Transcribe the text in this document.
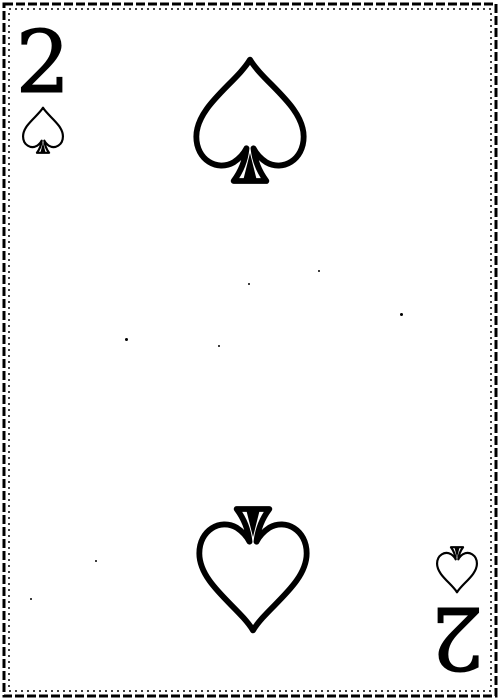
2
2
